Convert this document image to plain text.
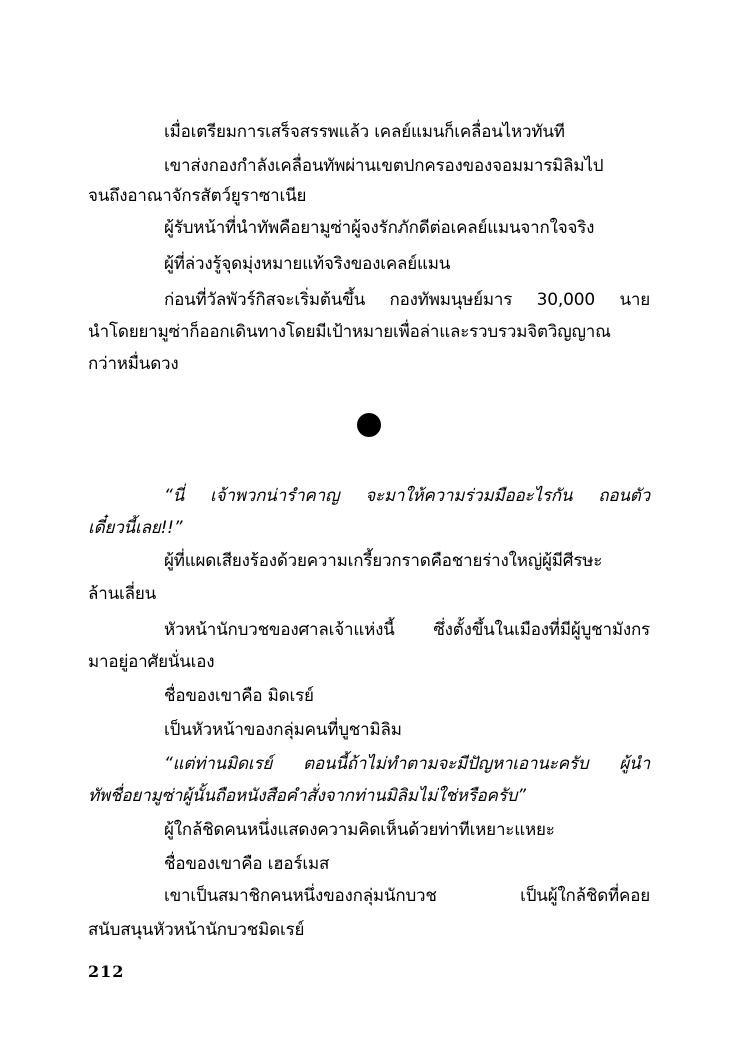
เมื่อเตรียมการเสร็จสรรพแล้ว เคลย์แมนก็เคลื่อนไหวทันที
เขาส่งกองกำลังเคลื่อนทัพผ่านเขตปกครองของจอมมารมิลิมไป
จนถึงอาณาจักรสัตว์ยูราซาเนีย
ผู้รับหน้าที่นำทัพคือยามูซ่าผู้จงรักภักดีต่อเคลย์แมนจากใจจริง
ผู้ที่ล่วงรู้จุดมุ่งหมายแท้จริงของเคลย์แมน
ก่อนที่วัลพัวร์กิสจะเริ่มต้นขึ้น กองทัพมนุษย์มาร 30,000 นาย
นำโดยยามูซ่าก็ออกเดินทางโดยมีเป้าหมายเพื่อล่าและรวบรวมจิตวิญญาณ
กว่าหมื่นดวง
“นี่ เจ้าพวกน่ารำคาญ จะมาให้ความร่วมมืออะไรกัน ถอนตัว
เดี๋ยวนี้เลย!!”
ผู้ที่แผดเสียงร้องด้วยความเกรี้ยวกราดคือชายร่างใหญ่ผู้มีศีรษะ
ล้านเลี่ยน
หัวหน้านักบวชของศาลเจ้าแห่งนี้ ซึ่งตั้งขึ้นในเมืองที่มีผู้บูชามังกร
มาอยู่อาศัยนั่นเอง
ชื่อของเขาคือ มิดเรย์
เป็นหัวหน้าของกลุ่มคนที่บูชามิลิม
“แต่ท่านมิดเรย์ ตอนนี้ถ้าไม่ทำตามจะมีปัญหาเอานะครับ ผู้นำ
ทัพชื่อยามูซ่าผู้นั้นถือหนังสือคำสั่งจากท่านมิลิมไม่ใช่หรือครับ”
ผู้ใกล้ชิดคนหนึ่งแสดงความคิดเห็นด้วยท่าทีเหยาะแหยะ
ชื่อของเขาคือ เฮอร์เมส
เขาเป็นสมาชิกคนหนึ่งของกลุ่มนักบวช เป็นผู้ใกล้ชิดที่คอย
สนับสนุนหัวหน้านักบวชมิดเรย์
212
